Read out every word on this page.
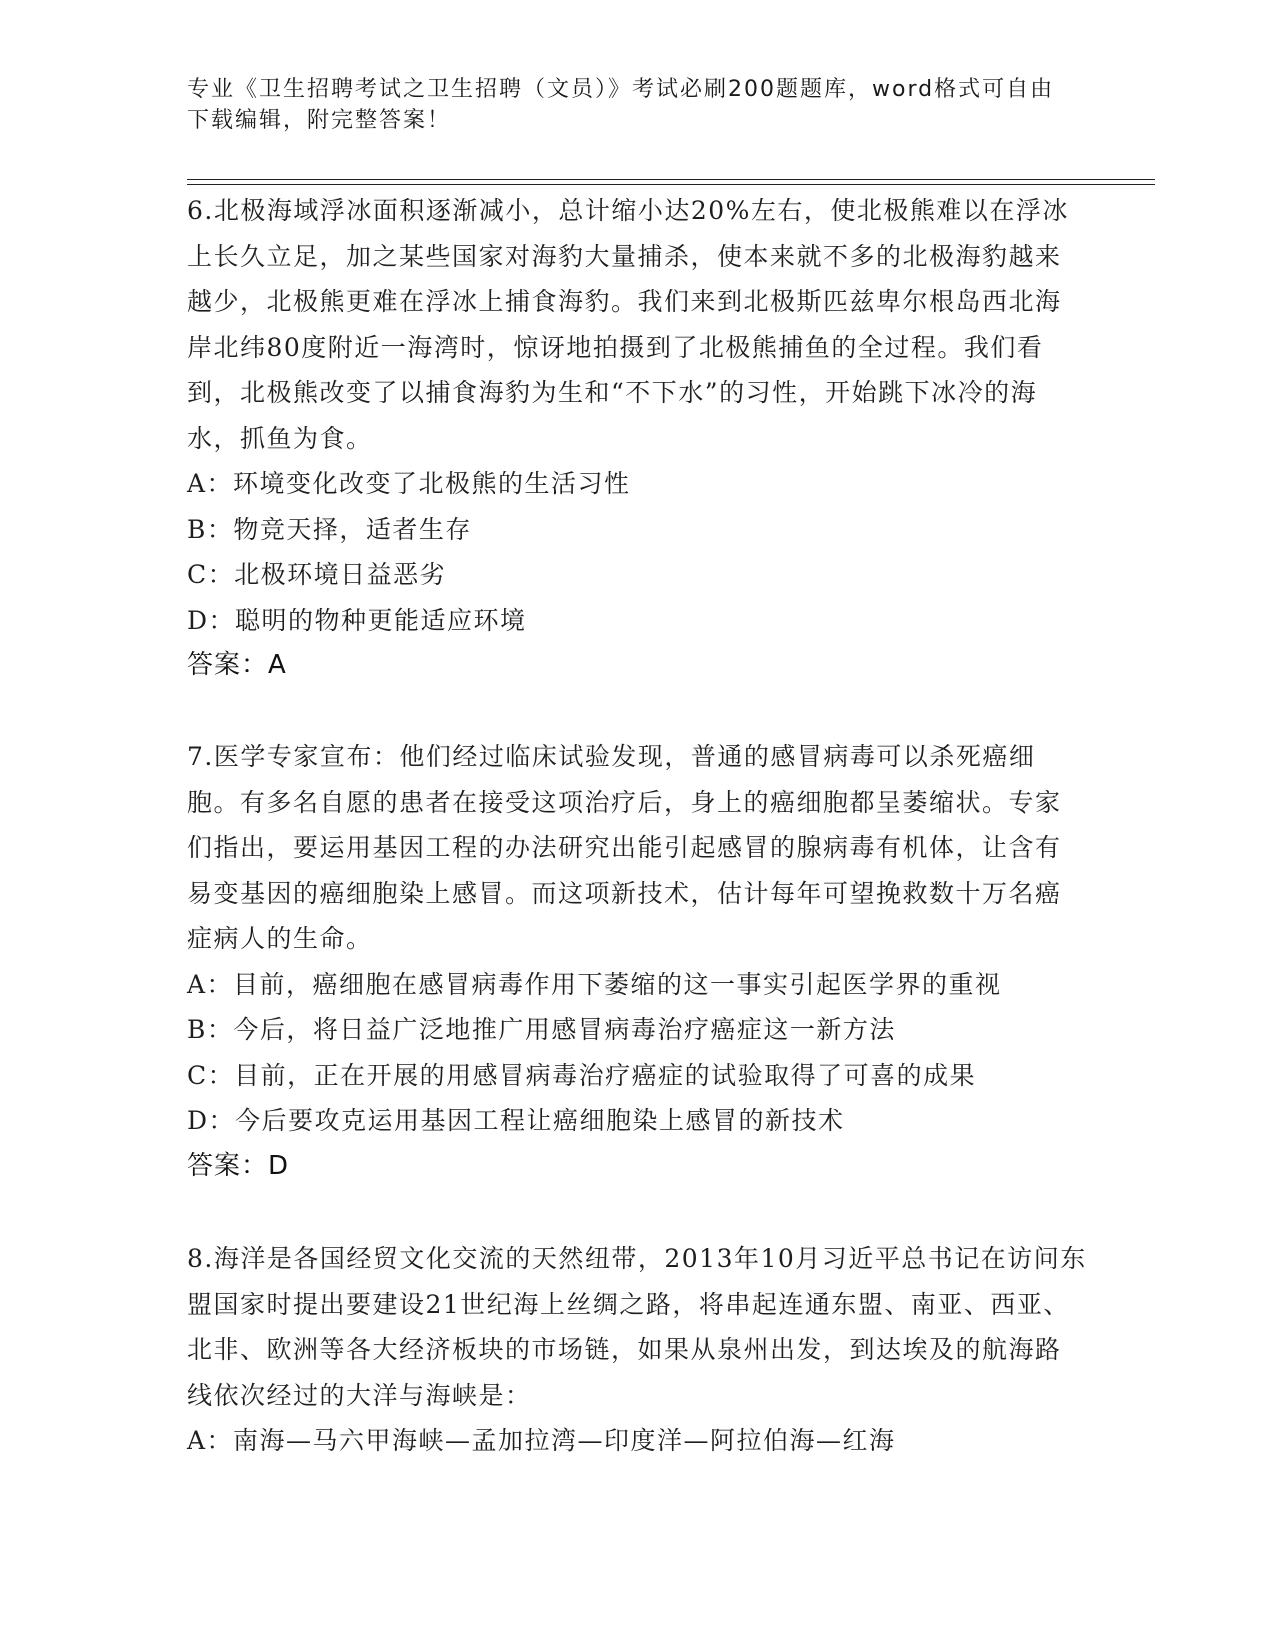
专业《卫生招聘考试之卫生招聘（文员）》考试必刷200题题库，word格式可自由下载编辑，附完整答案！

6.北极海域浮冰面积逐渐减小，总计缩小达20%左右，使北极熊难以在浮冰上长久立足，加之某些国家对海豹大量捕杀，使本来就不多的北极海豹越来越少，北极熊更难在浮冰上捕食海豹。我们来到北极斯匹兹卑尔根岛西北海岸北纬80度附近一海湾时，惊讶地拍摄到了北极熊捕鱼的全过程。我们看到，北极熊改变了以捕食海豹为生和“不下水”的习性，开始跳下冰冷的海水，抓鱼为食。

A：环境变化改变了北极熊的生活习性

B：物竞天择，适者生存

C：北极环境日益恶劣

D：聪明的物种更能适应环境

答案：A

7.医学专家宣布：他们经过临床试验发现，普通的感冒病毒可以杀死癌细胞。有多名自愿的患者在接受这项治疗后，身上的癌细胞都呈萎缩状。专家们指出，要运用基因工程的办法研究出能引起感冒的腺病毒有机体，让含有易变基因的癌细胞染上感冒。而这项新技术，估计每年可望挽救数十万名癌症病人的生命。

A：目前，癌细胞在感冒病毒作用下萎缩的这一事实引起医学界的重视

B：今后，将日益广泛地推广用感冒病毒治疗癌症这一新方法

C：目前，正在开展的用感冒病毒治疗癌症的试验取得了可喜的成果

D：今后要攻克运用基因工程让癌细胞染上感冒的新技术

答案：D

8.海洋是各国经贸文化交流的天然纽带，2013年10月习近平总书记在访问东盟国家时提出要建设21世纪海上丝绸之路，将串起连通东盟、南亚、西亚、北非、欧洲等各大经济板块的市场链，如果从泉州出发，到达埃及的航海路线依次经过的大洋与海峡是：

A：南海—马六甲海峡—孟加拉湾—印度洋—阿拉伯海—红海
